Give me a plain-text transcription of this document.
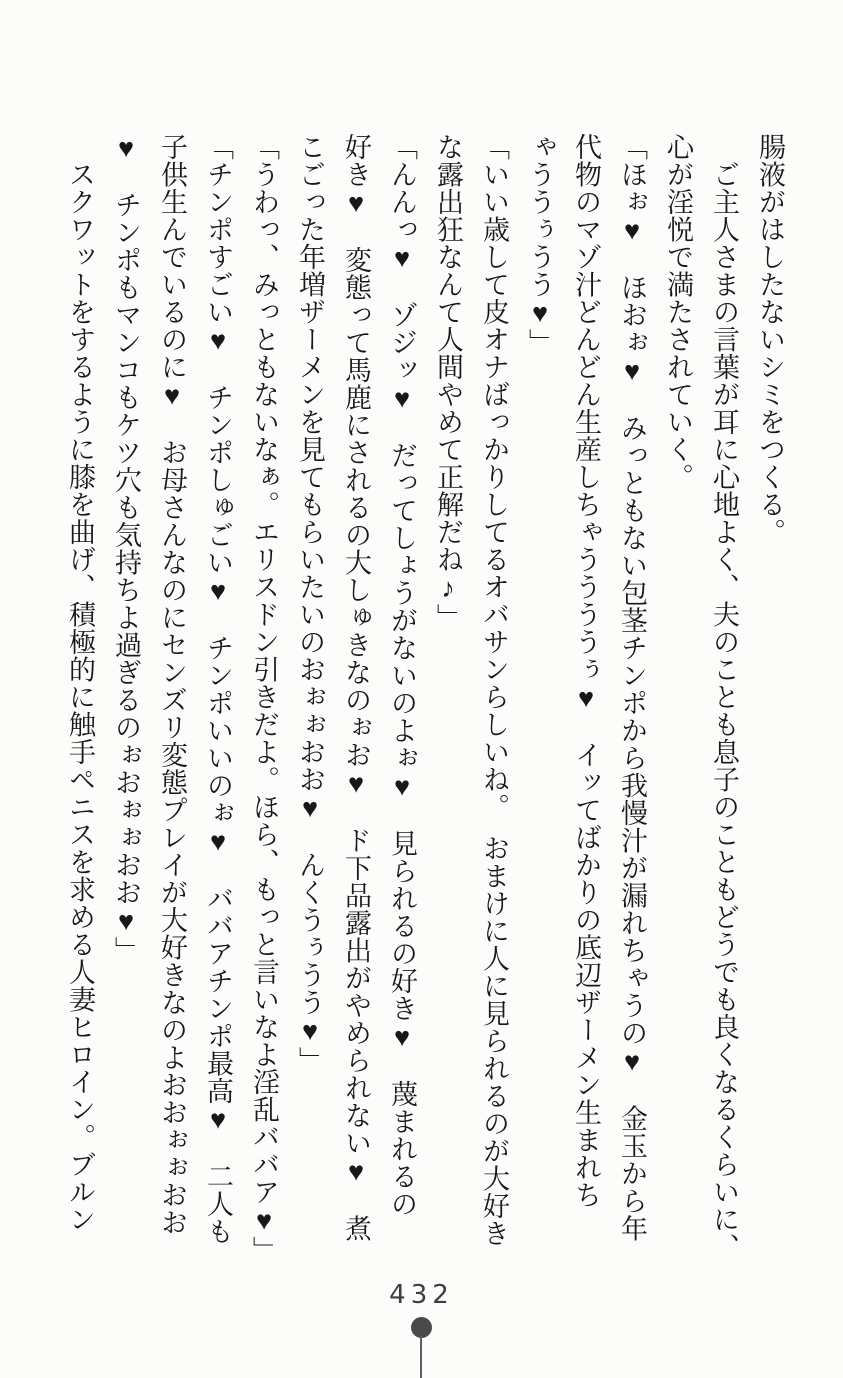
腸液がはしたないシミをつくる。
　ご主人さまの言葉が耳に心地よく、夫のことも息子のこともどうでも良くなるくらいに、
心が淫悦で満たされていく。
「ほぉ♥　ほおぉ♥　みっともない包茎チンポから我慢汁が漏れちゃうの♥　金玉から年
代物のマゾ汁どんどん生産しちゃううううぅ♥　イッてばかりの底辺ザーメン生まれち
ゃううぅうう♥」
「いい歳して皮オナばっかりしてるオバサンらしいね。　おまけに人に見られるのが大好き
な露出狂なんて人間やめて正解だね♪」
「んんっ♥　ゾジッ♥　だってしょうがないのよぉ♥　見られるの好き♥　蔑まれるの
好き♥　変態って馬鹿にされるの大しゅきなのぉお♥　ド下品露出がやめられない♥　煮
こごった年増ザーメンを見てもらいたいのおぉぉおお♥　んくうぅうう♥」
「うわっ、みっともないなぁ。エリスドン引きだよ。ほら、もっと言いなよ淫乱ババア♥」
「チンポすごい♥　チンポしゅごい♥　チンポいいのぉ♥　ババアチンポ最高♥　二人も
子供生んでいるのに♥　お母さんなのにセンズリ変態プレイが大好きなのよおおぉぉおお
♥　チンポもマンコもケツ穴も気持ちよ過ぎるのぉおぉぉおお♥」
　スクワットをするように膝を曲げ、積極的に触手ペニスを求める人妻ヒロイン。ブルン
432
